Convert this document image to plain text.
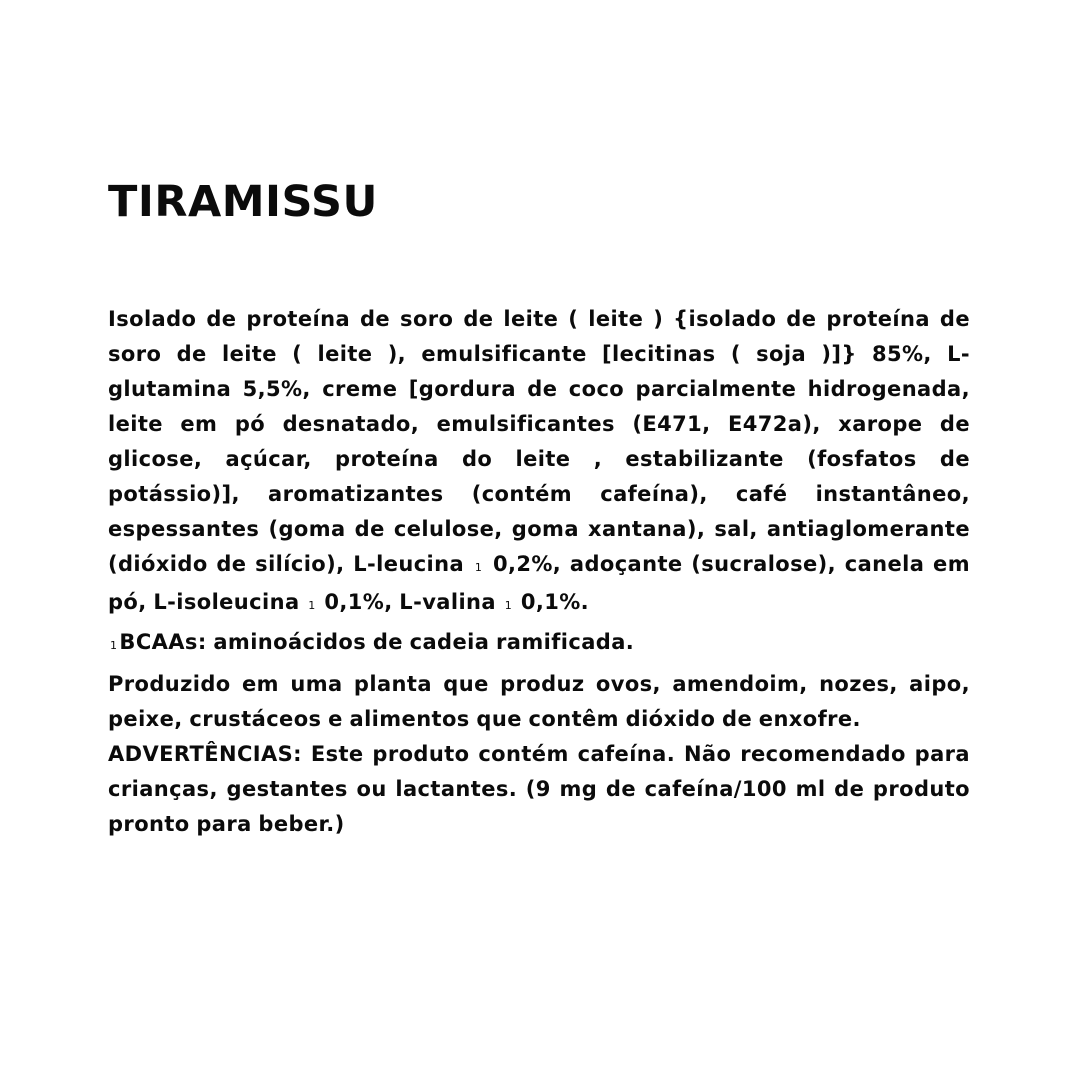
TIRAMISSU

Isolado de proteína de soro de leite ( leite ) {isolado de proteína de soro de leite ( leite ), emulsificante [lecitinas ( soja )]} 85%, L-glutamina 5,5%, creme [gordura de coco parcialmente hidrogenada, leite em pó desnatado, emulsificantes (E471, E472a), xarope de glicose, açúcar, proteína do leite , estabilizante (fosfatos de potássio)], aromatizantes (contém cafeína), café instantâneo, espessantes (goma de celulose, goma xantana), sal, antiaglomerante (dióxido de silício), L-leucina 1 0,2%, adoçante (sucralose), canela em pó, L-isoleucina 1 0,1%, L-valina 1 0,1%.

1BCAAs: aminoácidos de cadeia ramificada.

Produzido em uma planta que produz ovos, amendoim, nozes, aipo, peixe, crustáceos e alimentos que contêm dióxido de enxofre.

ADVERTÊNCIAS: Este produto contém cafeína. Não recomendado para crianças, gestantes ou lactantes. (9 mg de cafeína/100 ml de produto pronto para beber.)
